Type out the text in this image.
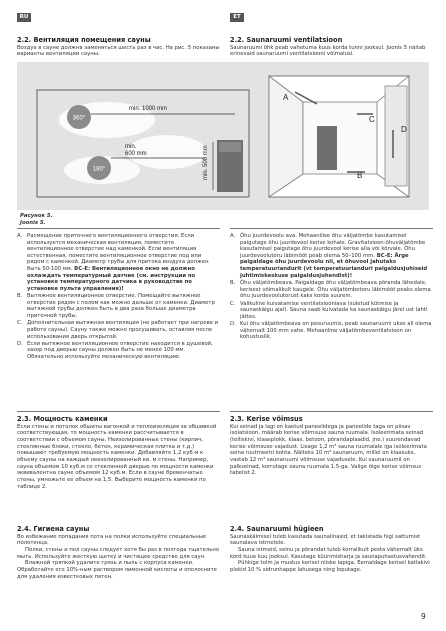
RU	ET
2.2. Вентиляция помещения сауны
Воздух в сауне должна заменяться шесть раз в час. На рис. 5 показаны варианты вентиляции сауны.
2.2. Saunaruumi ventilatsioon
Saunaruumi õhk peab vahetuma kuus korda tunni jooksul. Joonis 5 näitab erinevaid saunaruumi ventilatsiooni võimalusi.
360°
180°
min. 1000 mm
min.
600 mm	min. 500 mm
A
B
C
D
Рисунок 5.
Joonis 5.
A. Расмещение приточного вентиляционного отверстия. Если используется механическая вентиляция, поместите вентиляционное отверстие над каменкой. Если вентиляция естественная, поместите вентиляционное отверстие под или рядом с каменкой. Диаметр трубы для притока воздуха должен быть 50-100 мм. BC-E: Вентиляционное окно не должно охлаждать температурный датчик (см. инструкции по установке температурного датчика в руководстве по установке пульта управления)!
B. Вытяжное вентиляционное отверстие. Помещайте вытяжное отверстие рядом с полом как можно дальше от каменки. Диаметр вытяжной трубы должен быть в два раза больше диаметра приточной трубы.
C. Дополнительная вытяжная вентиляция (не работает при нагреве и работе сауны). Сауну также можно просушивать, оставляя после использования дверь открытой.
D. Если вытяжное вентиляционное отверстие находится в душевой, зазор под дверью сауны должен быть не менее 100 мм. Обязательно используйте механическую вентиляцию.
A. Õhu juurdevoolu ava. Mehaanilise õhu väljatõmbe kasutamisel paigutage õhu juurdevool kerise kohale. Gravitatsioon-õhuväljatõmbe kasutamisel paigutage õhu juurdevool kerise alla või kõrvale. Õhu juurdevoolutoru läbimõõt peab olema 50–100 mm. BC-E: Ärge paigaldage õhu juurdevoolu nii, et õhuvool jahutaks temperatuuriandurit (vt temperatuurianduri paigaldusjuhiseid juhtimiskeskuse paigaldusjuhendist)!
B. Õhu väljatõmbeava. Paigaldage õhu väljatõmbeava põranda lähedale, kerisest võimalikult kaugele. Õhu väljatõmbetoru läbimõõt peaks olema õhu juurdevoolutorust kaks korda suurem.
C. Valikuline kuivatamise ventilatsiooniava (suletud kütmise ja saunaskäigu ajal). Sauna saab kuivatada ka saunaskäigu järel ust lahti jättes.
D. Kui õhu väljatõmbeava on pesuruumis, peab saunaruumi ukse all olema vähemalt 100 mm vahe. Mehaanline väljatõmbeventilatsioon on kohustuslik.
2.3. Мощность каменки
Если стены и потолок обшиты вагонкой и теплоизоляция за обшивкой соответствующая, то мощность каменки рассчитывается в соответствии с объемом сауны. Неизолированные стены (кирпич, стеклянные блоки, стекло, бетон, керамическая плитка и т.д.) повышают требуемую мощность каменки. Добавляйте 1,2 куб.м к объему сауны на каждый неизолированный кв. м стены. Например, сауна объемом 10 куб.м со стеклянной дверью по мощности каменки эквивалентна сауне объемом 12 куб.м. Если в сауне бревенчатые стены, умножьте ее объем на 1,5. Выберите мощность каменки по таблице 2.
2.3. Kerise võimsus
Kui seinad ja lagi on kaetud paneelidega ja paneelide taga on piisav isolatsioon, määrab kerise võimsuse sauna ruumala. Isoleerimata seinad (tellisk​ivi, klaasplokk, klaas, betoon, põrandaplaadid, jne.) suurendavad kerise võimsuse vajadust. Lisage 1,2 m³ sauna ruumalale iga isoleerimata seina ruutmeetri kohta. Näiteks 10 m³ saunaruum, millel on klaasuks, vastab 12 m³ saunaruumi võimsuse vajadusele. Kui saunaruumil on palkseinad, korrutage sauna ruumala 1,5-ga. Valige õige kerise võimsus tabelist 2.
2.4. Гигиена сауны
Во избежание попадания пота на полки используйте специальные полотенца.
Полки, стены и пол сауны следует хотя бы раз в полгода тщательно мыть. Используйте жесткую щетку и чистящее средство для саун.
Влажной тряпкой удалите грязь и пыль с корпуса каменки. Обработайте его 10%-ным раствором лимонной кислоты и ополосните для удаления известковых пятен.
2.4. Saunaruumi hügieen
Saunaskäimisel tuleb kasutada saunalinasid, et takistada higi sattumist saunalava istmetele.
Sauna istmeid, seinu ja põrandat tuleb korralikult pesta vähemalt üks kord kuue kuu jooksul. Kasutage küürimisharja ja saunapuhastusvahendit.
Pühkige tolm ja mustus kerisel niiske lapiga. Eemaldage kerisel katlakivi plekid 10 % sidrunhappe lahusega ning loputage.
9
